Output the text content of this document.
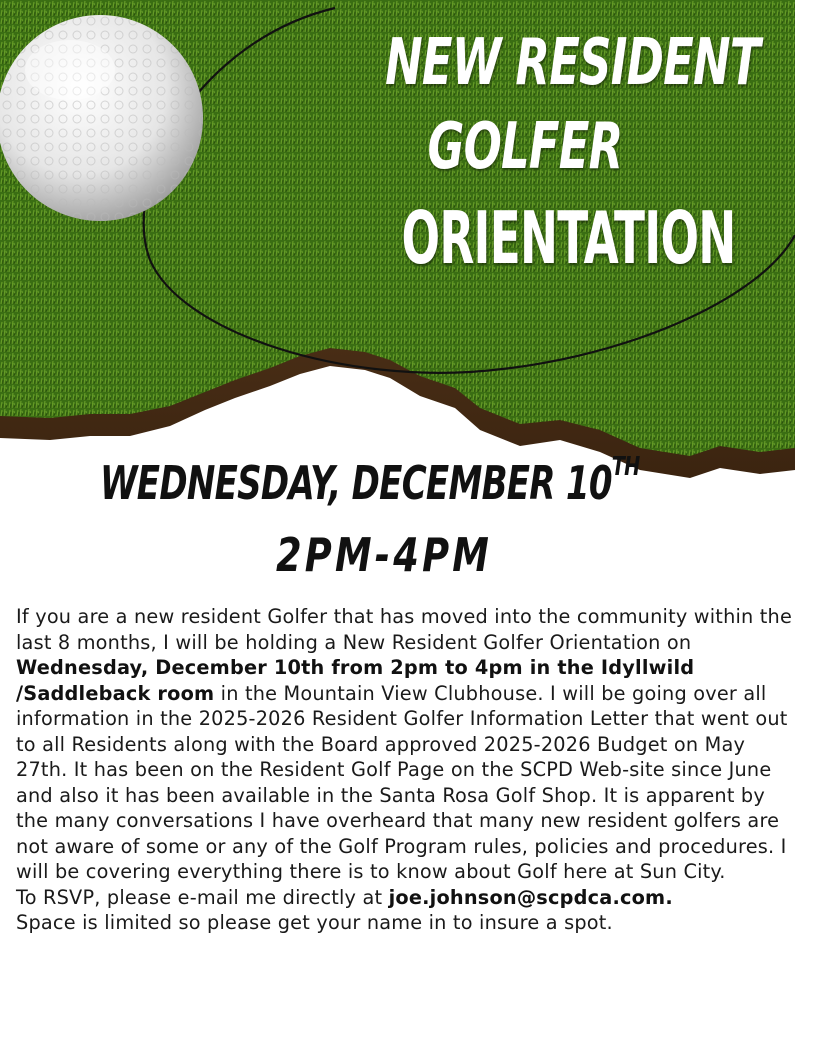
NEW RESIDENT
GOLFER
ORIENTATION
WEDNESDAY, DECEMBER 10TH
2PM-4PM

If you are a new resident Golfer that has moved into the community within the last 8 months, I will be holding a New Resident Golfer Orientation on Wednesday, December 10th from 2pm to 4pm in the Idyllwild /Saddleback room in the Mountain View Clubhouse. I will be going over all information in the 2025-2026 Resident Golfer Information Letter that went out to all Residents along with the Board approved 2025-2026 Budget on May 27th. It has been on the Resident Golf Page on the SCPD Web-site since June and also it has been available in the Santa Rosa Golf Shop. It is apparent by the many conversations I have overheard that many new resident golfers are not aware of some or any of the Golf Program rules, policies and procedures. I will be covering everything there is to know about Golf here at Sun City.

To RSVP, please e-mail me directly at joe.johnson@scpdca.com.

Space is limited so please get your name in to insure a spot.
